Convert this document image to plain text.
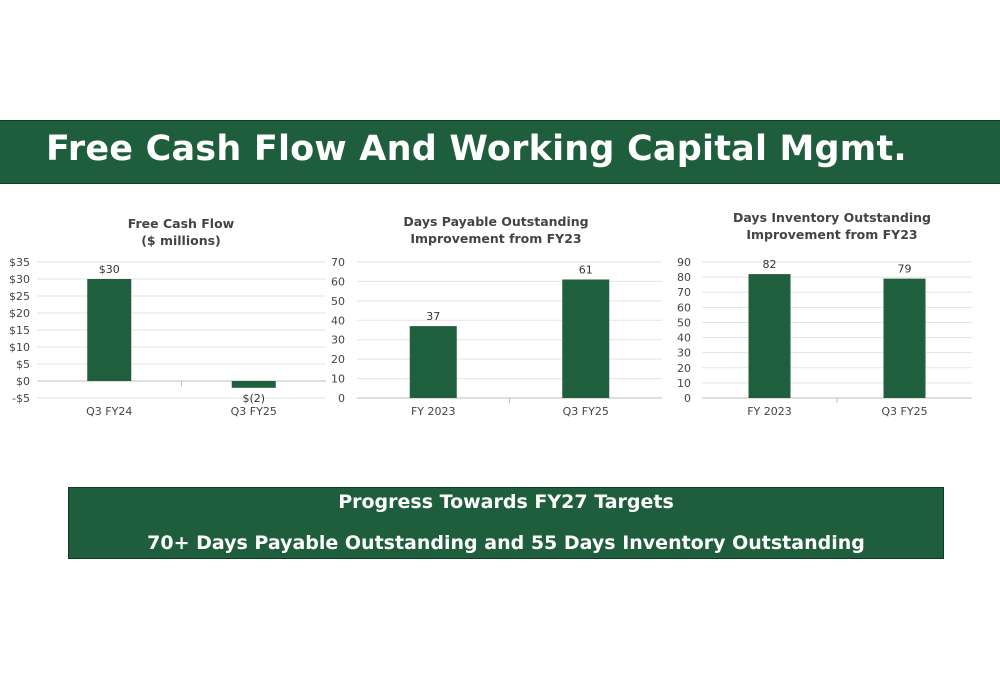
Free Cash Flow And Working Capital Mgmt.
Free Cash Flow
($ millions)
-$5
$0
$5
$10
$15
$20
$25
$30
$35
$30
Q3 FY24
$(2)
Q3 FY25
Days Payable Outstanding
Improvement from FY23
0
10
20
30
40
50
60
70
37
FY 2023
61
Q3 FY25
Days Inventory Outstanding
Improvement from FY23
0
10
20
30
40
50
60
70
80
90	82
FY 2023
79
Q3 FY25
Progress Towards FY27 Targets
70+ Days Payable Outstanding and 55 Days Inventory Outstanding
